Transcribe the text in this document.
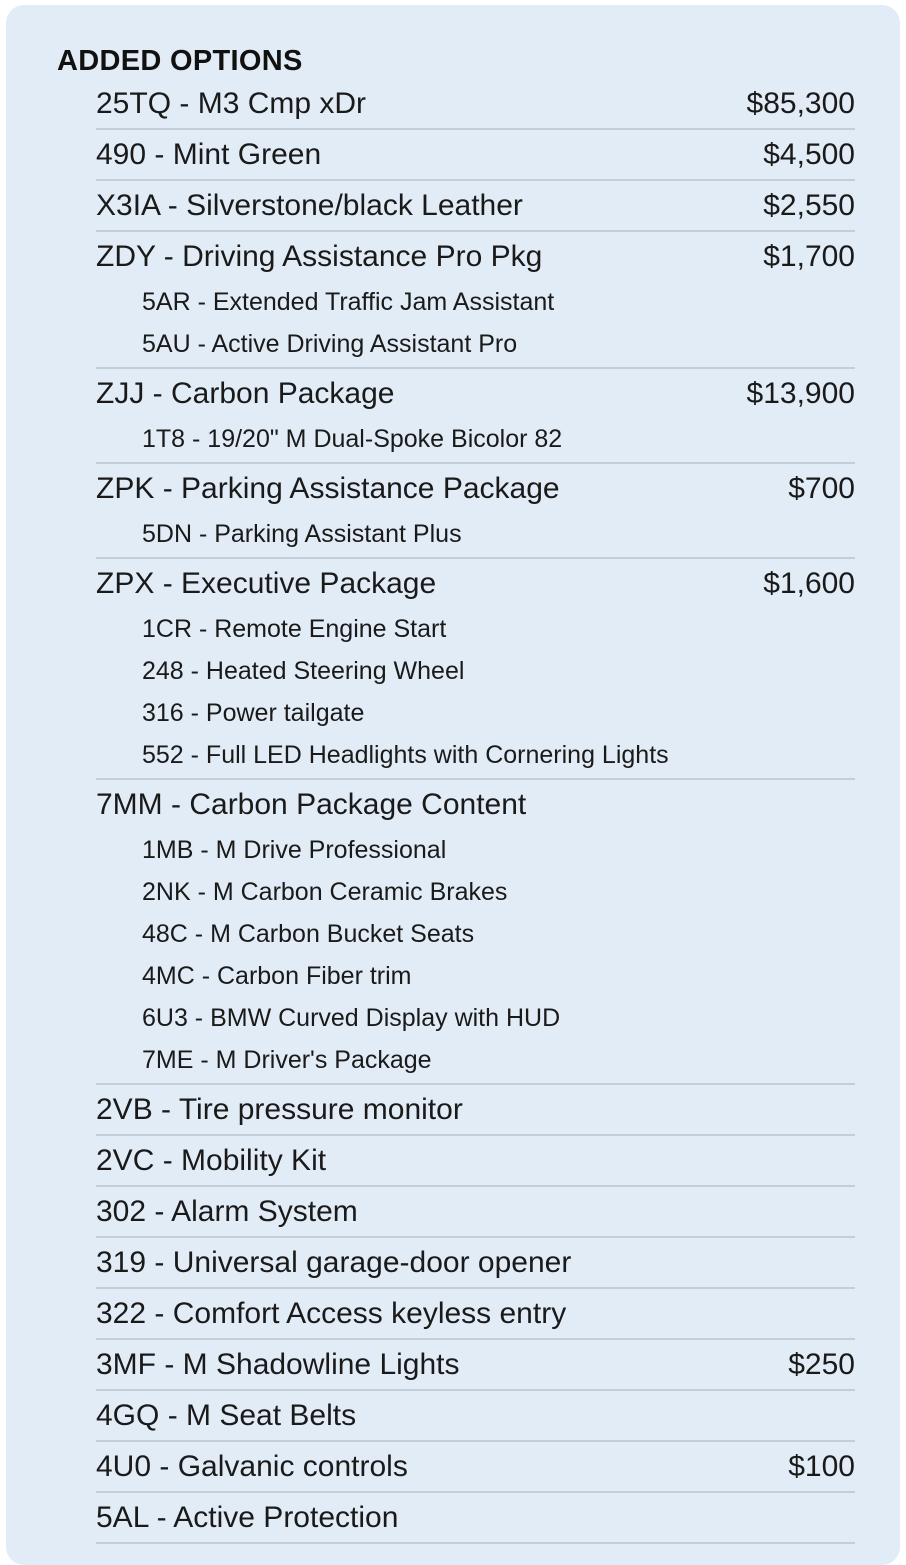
ADDED OPTIONS
25TQ - M3 Cmp xDr	$85,300
490 - Mint Green	$4,500
X3IA - Silverstone/black Leather	$2,550
ZDY - Driving Assistance Pro Pkg	$1,700
5AR - Extended Traffic Jam Assistant
5AU - Active Driving Assistant Pro
ZJJ - Carbon Package	$13,900
1T8 - 19/20" M Dual-Spoke Bicolor 82
ZPK - Parking Assistance Package	$700
5DN - Parking Assistant Plus
ZPX - Executive Package	$1,600
1CR - Remote Engine Start
248 - Heated Steering Wheel
316 - Power tailgate
552 - Full LED Headlights with Cornering Lights
7MM - Carbon Package Content
1MB - M Drive Professional
2NK - M Carbon Ceramic Brakes
48C - M Carbon Bucket Seats
4MC - Carbon Fiber trim
6U3 - BMW Curved Display with HUD
7ME - M Driver's Package
2VB - Tire pressure monitor
2VC - Mobility Kit
302 - Alarm System
319 - Universal garage-door opener
322 - Comfort Access keyless entry
3MF - M Shadowline Lights	$250
4GQ - M Seat Belts
4U0 - Galvanic controls	$100
5AL - Active Protection
